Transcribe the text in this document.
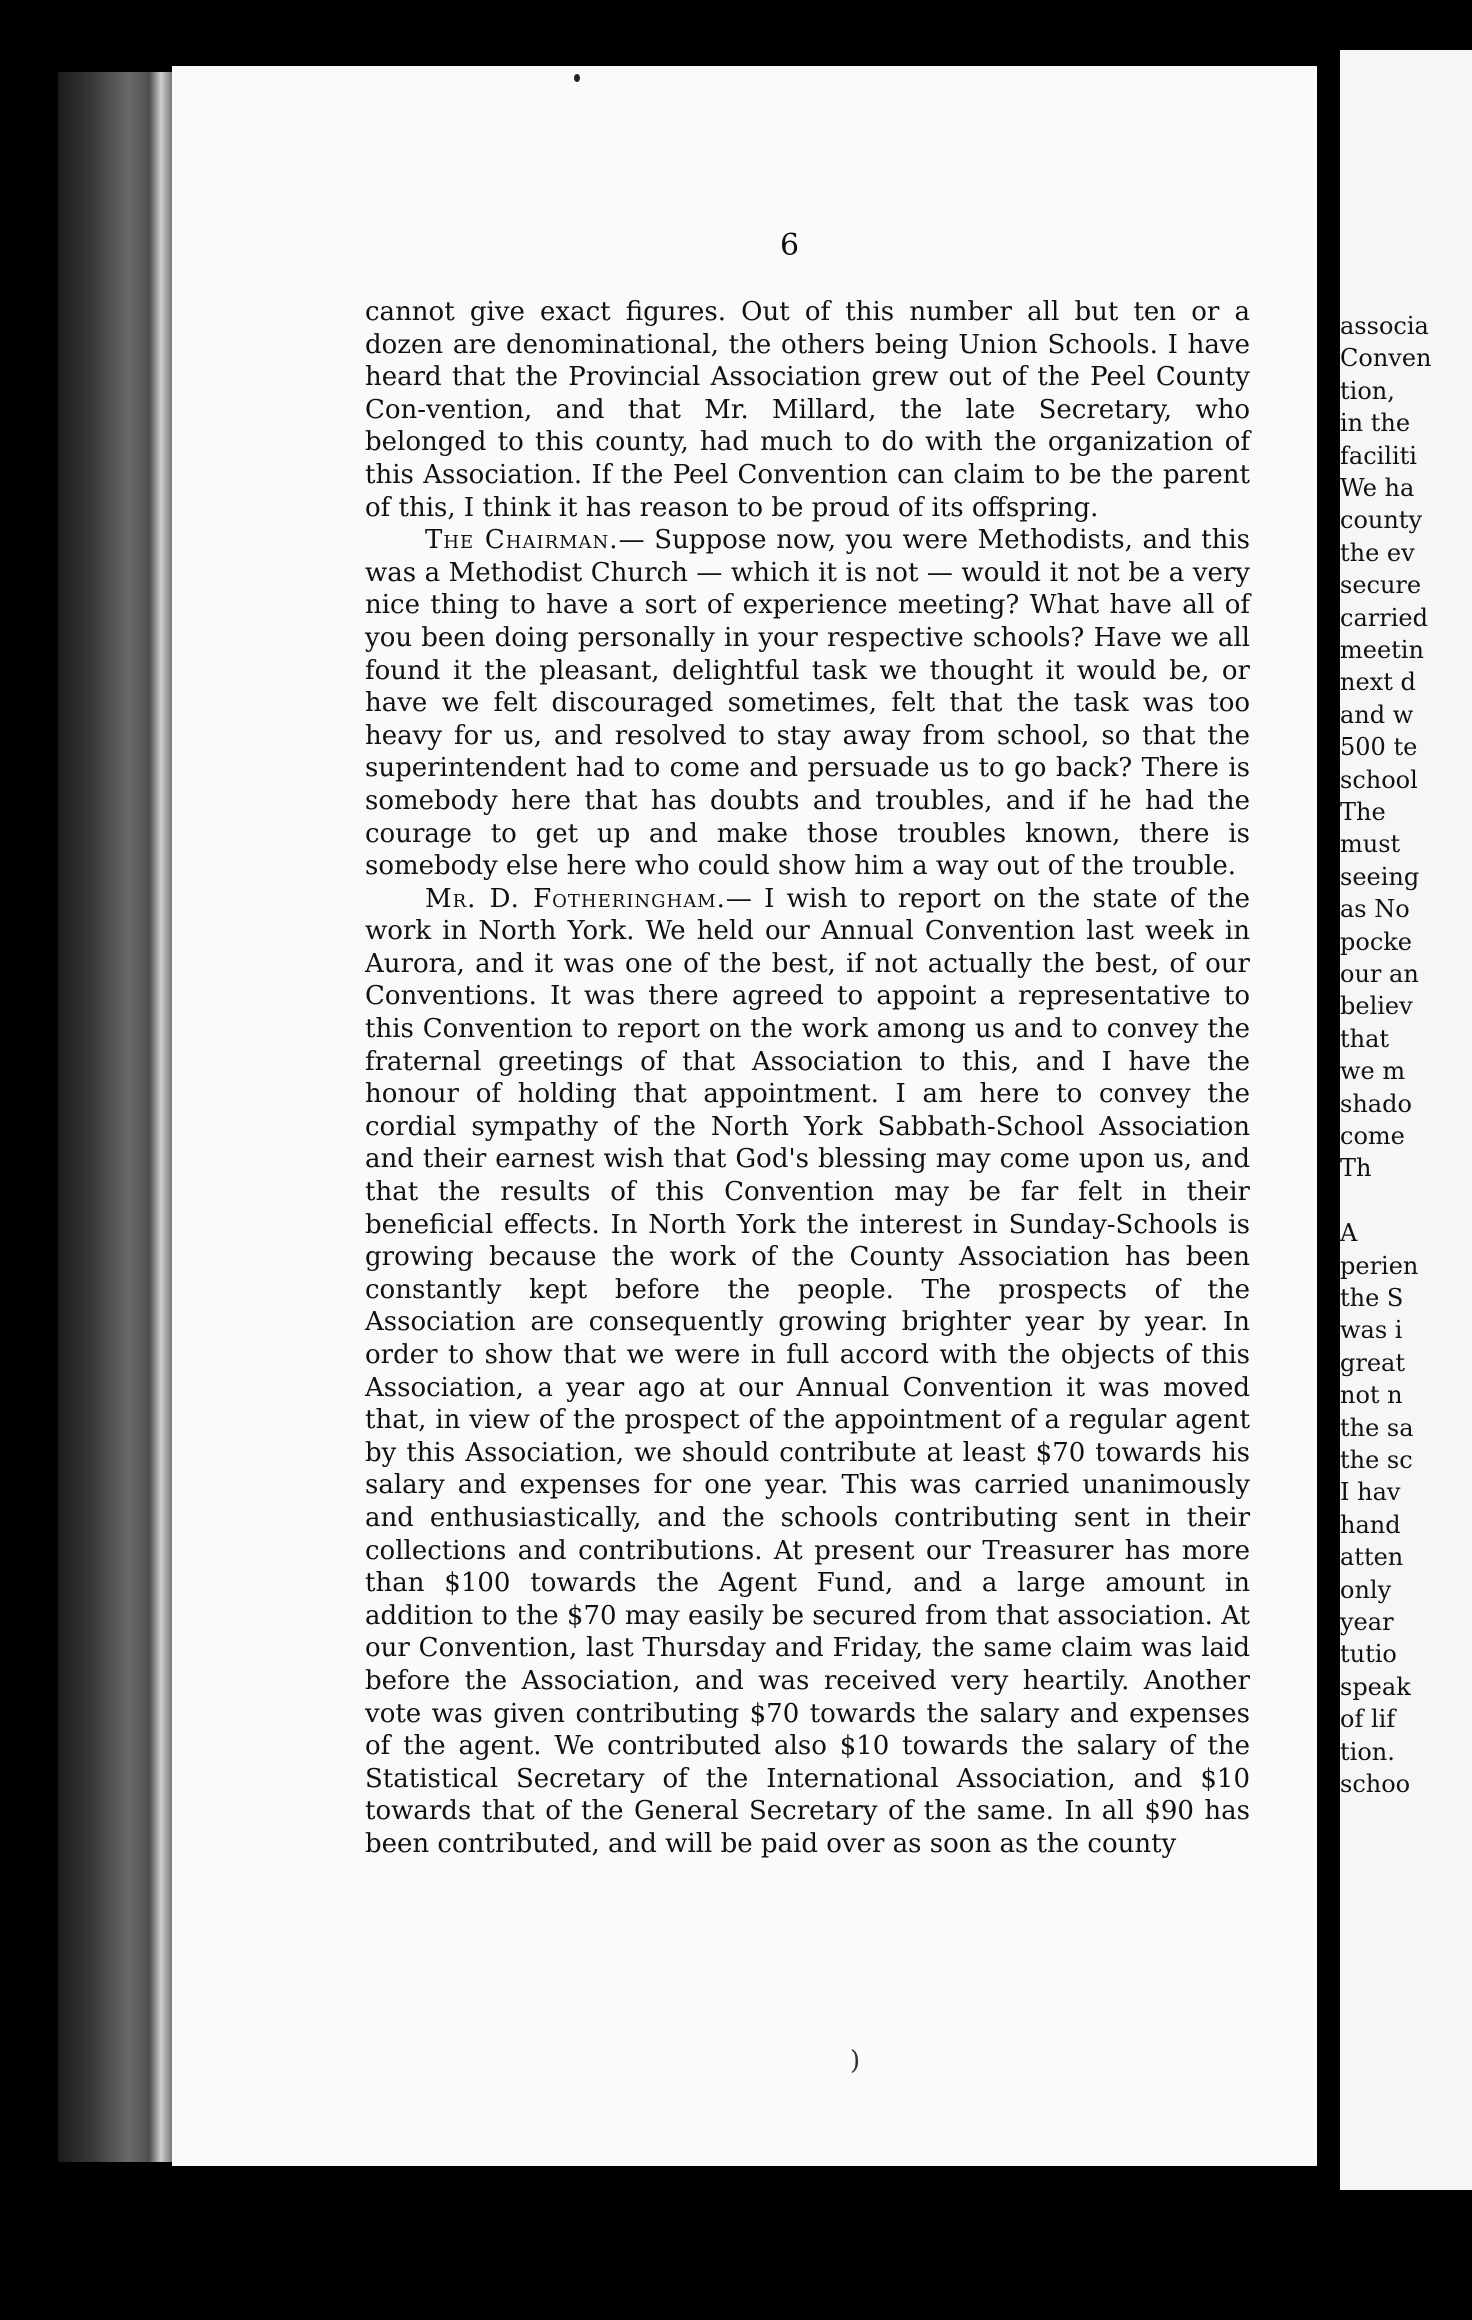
6

cannot give exact figures. Out of this number all but ten or a dozen are denominational, the others being Union Schools. I have heard that the Provincial Association grew out of the Peel County Con-vention, and that Mr. Millard, the late Secretary, who belonged to this county, had much to do with the organization of this Association. If the Peel Convention can claim to be the parent of this, I think it has reason to be proud of its offspring.

The Chairman.— Suppose now, you were Methodists, and this was a Methodist Church — which it is not — would it not be a very nice thing to have a sort of experience meeting? What have all of you been doing personally in your respective schools? Have we all found it the pleasant, delightful task we thought it would be, or have we felt discouraged sometimes, felt that the task was too heavy for us, and resolved to stay away from school, so that the superintendent had to come and persuade us to go back? There is somebody here that has doubts and troubles, and if he had the courage to get up and make those troubles known, there is somebody else here who could show him a way out of the trouble.

Mr. D. Fotheringham.— I wish to report on the state of the work in North York. We held our Annual Convention last week in Aurora, and it was one of the best, if not actually the best, of our Conventions. It was there agreed to appoint a representative to this Convention to report on the work among us and to convey the fraternal greetings of that Association to this, and I have the honour of holding that appointment. I am here to convey the cordial sympathy of the North York Sabbath-School Association and their earnest wish that God's blessing may come upon us, and that the results of this Convention may be far felt in their beneficial effects. In North York the interest in Sunday-Schools is growing because the work of the County Association has been constantly kept before the people. The prospects of the Association are consequently growing brighter year by year. In order to show that we were in full accord with the objects of this Association, a year ago at our Annual Convention it was moved that, in view of the prospect of the appointment of a regular agent by this Association, we should contribute at least $70 towards his salary and expenses for one year. This was carried unanimously and enthusiastically, and the schools contributing sent in their collections and contributions. At present our Treasurer has more than $100 towards the Agent Fund, and a large amount in addition to the $70 may easily be secured from that association. At our Convention, last Thursday and Friday, the same claim was laid before the Association, and was received very heartily. Another vote was given contributing $70 towards the salary and expenses of the agent. We contributed also $10 towards the salary of the Statistical Secretary of the International Association, and $10 towards that of the General Secretary of the same. In all $90 has been contributed, and will be paid over as soon as the county

)
associa
Conven
tion,
in the
faciliti
We ha
county
the ev
secure
carried
meetin
next d
and w
500 te
school
The
must
seeing
as No
pocke
our an
believ
that
we m
shado
come
Th
A
perien
the S
was i
great
not n
the sa
the sc
I hav
hand
atten
only
year
tutio
speak
of lif
tion.
schoo
